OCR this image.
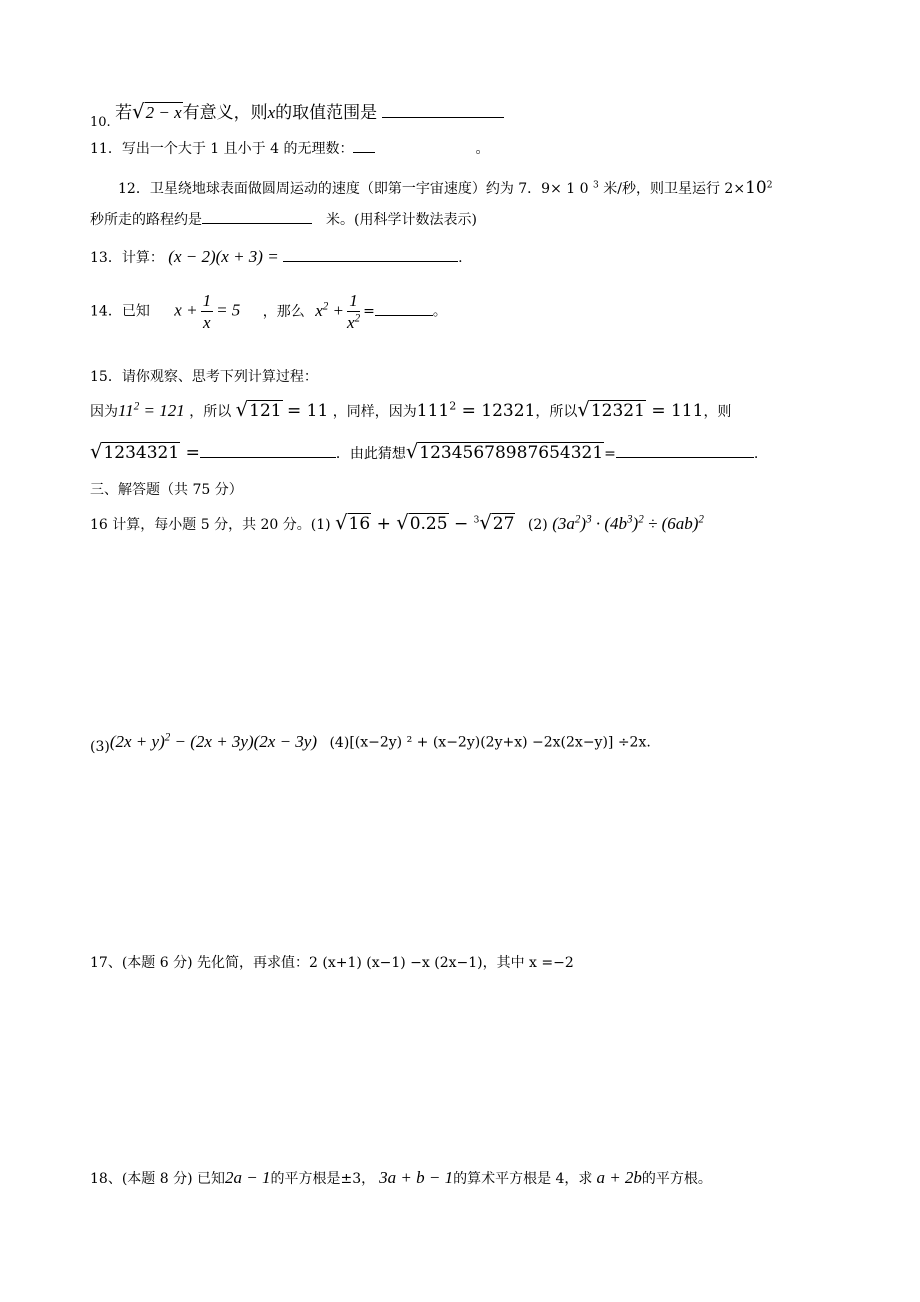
10. 若√2 − x有意义，则x的取值范围是
11．写出一个大于 1 且小于 4 的无理数：	。
12．卫星绕地球表面做圆周运动的速度（即第一宇宙速度）约为 7．9× 1 0 $^3$ 米/秒，则卫星运行 $2\times 10^2$
秒所走的路程约是	米。(用科学计数法表示)
13．计算： (x − 2)(x + 3) =	.
14．已知 $x + \frac{1}{x} = 5$ ，那么 $x^2 + \frac{1}{x^2}$ =	。
15．请你观察、思考下列计算过程：
因为$11^2 = 121$ ，所以 √121 = 11 ，同样，因为$111^2 = 12321$，所以√12321 = 111，则
√1234321 =	．由此猜想√12345678987654321=	.
三、解答题（共 75 分）
16 计算，每小题 5 分，共 20 分。(1) √16 + √0.25 − $^3$√27 (2) $(3a^2)^3 \cdot (4b^3)^2 \div (6ab)^2$
$(3)(2x + y)^2 - (2x + 3y)(2x - 3y)$ (4)[(x−2y) ² + (x−2y)(2y+x) −2x(2x−y)] ÷2x.
17、(本题 6 分) 先化简，再求值：2 (x+1) (x−1) −x (2x−1)，其中 x =−2
18、(本题 8 分) 已知2a − 1的平方根是±3， 3a + b − 1的算术平方根是 4，求 a + 2b的平方根。
